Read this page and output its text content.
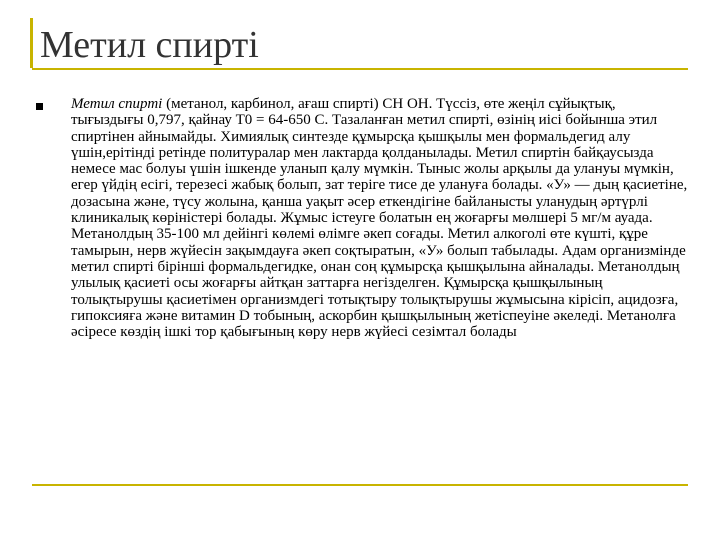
Метил спирті

Метил спирті (метанол, карбинол, ағаш спирті) СН ОН. Түссіз, өте жеңіл сұйықтық, тығыздығы 0,797, қайнау Т0 = 64-650 С. Тазаланған метил спирті, өзінің иісі бойынша этил спиртінен айнымайды. Химиялық синтезде құмырсқа қышқылы мен формальдегид алу үшін,ерітінді ретінде политуралар мен лактарда қолданылады. Метил спиртін байқаусызда немесе мас болуы үшін ішкенде уланып қалу мүмкін. Тыныс жолы арқылы да улануы мүмкін, егер үйдің есігі, терезесі жабық болып, зат теріге тисе де улануға болады. «У» — дың қасиетіне, дозасына және, түсу жолына, қанша уақыт әсер еткендігіне байланысты уланудың әртүрлі клиникалық көріністері болады. Жұмыс істеуге болатын ең жоғарғы мөлшері 5 мг/м ауада. Метанолдың 35-100 мл дейінгі көлемі өлімге әкеп соғады. Метил алкоголі өте күшті, құре тамырын, нерв жүйесін зақымдауға әкеп соқтыратын, «У» болып табылады. Адам организмінде метил спирті бірінші формальдегидке, онан соң құмырсқа қышқылына айналады. Метанолдың улылық қасиеті осы жоғарғы айтқан заттарға негізделген. Құмырсқа қышқылының толықтырушы қасиетімен организмдегі тотықтыру толықтырушы жұмысына кірісіп, ацидозға, гипоксияға және витамин D тобының, аскорбин қышқылының жетіспеуіне әкеледі. Метанолға әсіресе көздің ішкі тор қабығының көру нерв жүйесі сезімтал болады
